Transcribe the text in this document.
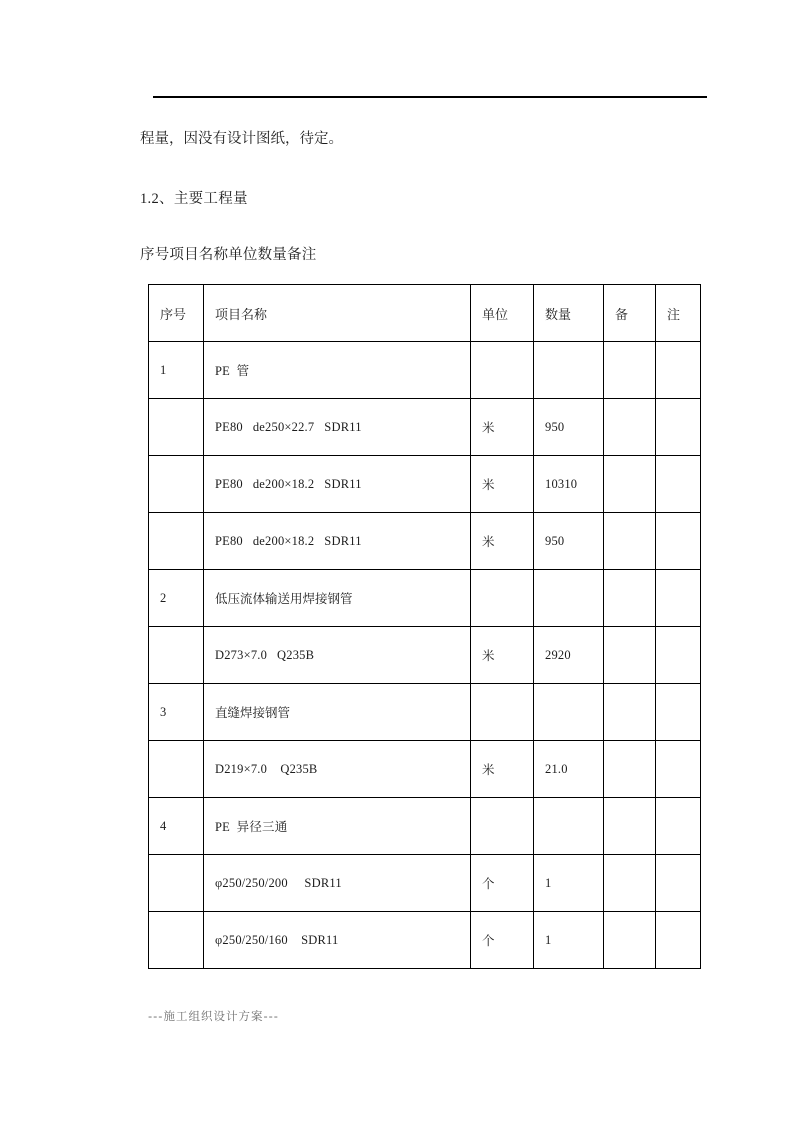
程量，因没有设计图纸，待定。
1.2、主要工程量
序号项目名称单位数量备注
序号	项目名称	单位	数量	备	注
1	PE  管				
	PE80   de250×22.7   SDR11	米	950		
	PE80   de200×18.2   SDR11	米	10310		
	PE80   de200×18.2   SDR11	米	950		
2	低压流体输送用焊接钢管				
	D273×7.0   Q235B	米	2920		
3	直缝焊接钢管				
	D219×7.0    Q235B	米	21.0		
4	PE  异径三通				
	φ250/250/200     SDR11	个	1		
	φ250/250/160    SDR11	个	1		
---施工组织设计方案---
